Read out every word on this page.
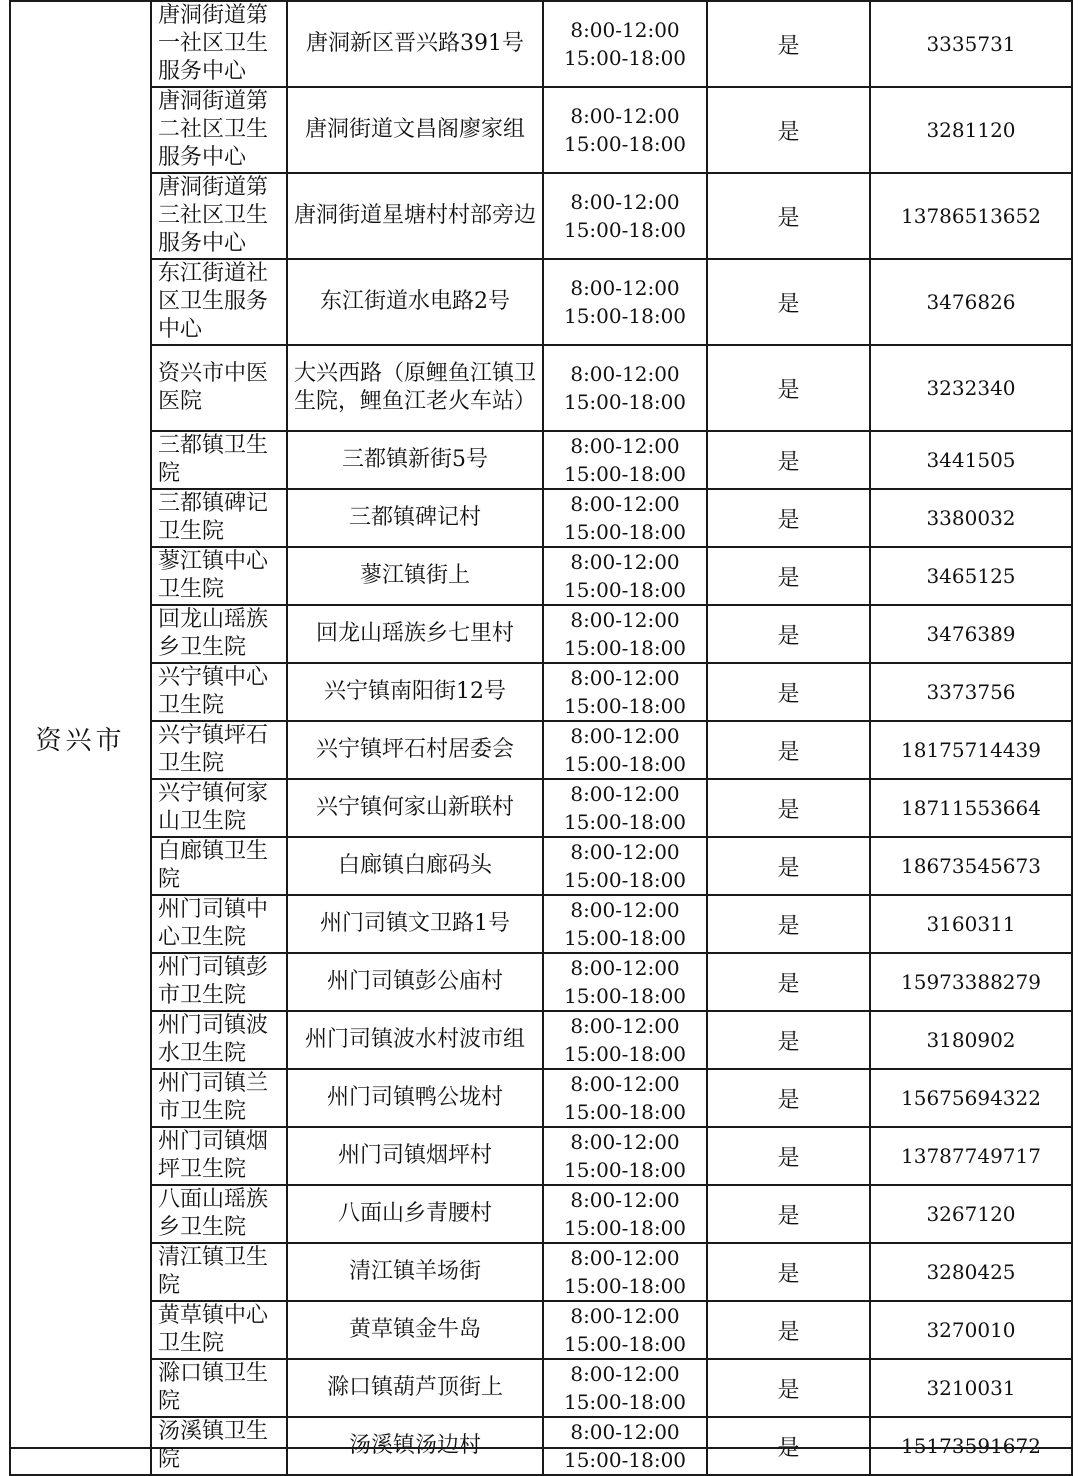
资兴市	唐洞街道第一社区卫生服务中心	唐洞新区晋兴路391号	8:00-12:00
15:00-18:00	是	3335731
	唐洞街道第二社区卫生服务中心	唐洞街道文昌阁廖家组	8:00-12:00
15:00-18:00	是	3281120
	唐洞街道第三社区卫生服务中心	唐洞街道星塘村村部旁边	8:00-12:00
15:00-18:00	是	13786513652
	东江街道社区卫生服务中心	东江街道水电路2号	8:00-12:00
15:00-18:00	是	3476826
	资兴市中医医院	大兴西路（原鲤鱼江镇卫生院，鲤鱼江老火车站）	8:00-12:00
15:00-18:00	是	3232340
	三都镇卫生院	三都镇新街5号	8:00-12:00
15:00-18:00	是	3441505
	三都镇碑记卫生院	三都镇碑记村	8:00-12:00
15:00-18:00	是	3380032
	蓼江镇中心卫生院	蓼江镇街上	8:00-12:00
15:00-18:00	是	3465125
	回龙山瑶族乡卫生院	回龙山瑶族乡七里村	8:00-12:00
15:00-18:00	是	3476389
	兴宁镇中心卫生院	兴宁镇南阳街12号	8:00-12:00
15:00-18:00	是	3373756
	兴宁镇坪石卫生院	兴宁镇坪石村居委会	8:00-12:00
15:00-18:00	是	18175714439
	兴宁镇何家山卫生院	兴宁镇何家山新联村	8:00-12:00
15:00-18:00	是	18711553664
	白廊镇卫生院	白廊镇白廊码头	8:00-12:00
15:00-18:00	是	18673545673
	州门司镇中心卫生院	州门司镇文卫路1号	8:00-12:00
15:00-18:00	是	3160311
	州门司镇彭市卫生院	州门司镇彭公庙村	8:00-12:00
15:00-18:00	是	15973388279
	州门司镇波水卫生院	州门司镇波水村波市组	8:00-12:00
15:00-18:00	是	3180902
	州门司镇兰市卫生院	州门司镇鸭公垅村	8:00-12:00
15:00-18:00	是	15675694322
	州门司镇烟坪卫生院	州门司镇烟坪村	8:00-12:00
15:00-18:00	是	13787749717
	八面山瑶族乡卫生院	八面山乡青腰村	8:00-12:00
15:00-18:00	是	3267120
	清江镇卫生院	清江镇羊场街	8:00-12:00
15:00-18:00	是	3280425
	黄草镇中心卫生院	黄草镇金牛岛	8:00-12:00
15:00-18:00	是	3270010
	滁口镇卫生院	滁口镇葫芦顶街上	8:00-12:00
15:00-18:00	是	3210031
	汤溪镇卫生院	汤溪镇汤边村	8:00-12:00
15:00-18:00	是	15173591672
